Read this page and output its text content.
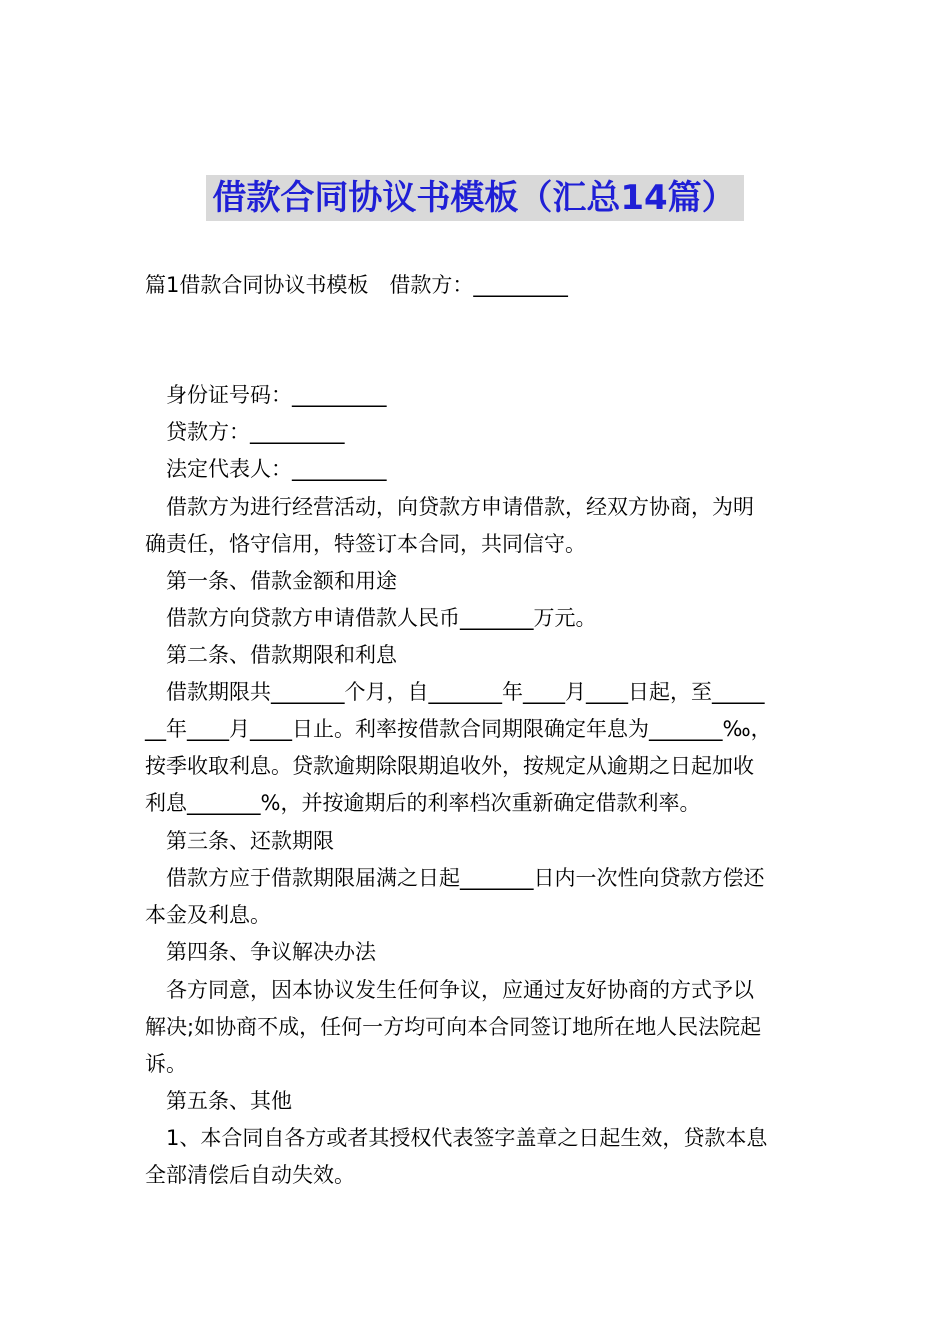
借款合同协议书模板（汇总14篇）
篇1借款合同协议书模板　借款方：_________
身份证号码：_________
贷款方：_________
法定代表人：_________
借款方为进行经营活动，向贷款方申请借款，经双方协商，为明
确责任，恪守信用，特签订本合同，共同信守。
第一条、借款金额和用途
借款方向贷款方申请借款人民币_______万元。
第二条、借款期限和利息
借款期限共_______个月，自_______年____月____日起，至_____
__年____月____日止。利率按借款合同期限确定年息为_______‰，
按季收取利息。贷款逾期除限期追收外，按规定从逾期之日起加收
利息_______%，并按逾期后的利率档次重新确定借款利率。
第三条、还款期限
借款方应于借款期限届满之日起_______日内一次性向贷款方偿还
本金及利息。
第四条、争议解决办法
各方同意，因本协议发生任何争议，应通过友好协商的方式予以
解决;如协商不成，任何一方均可向本合同签订地所在地人民法院起
诉。
第五条、其他
1、本合同自各方或者其授权代表签字盖章之日起生效，贷款本息
全部清偿后自动失效。
